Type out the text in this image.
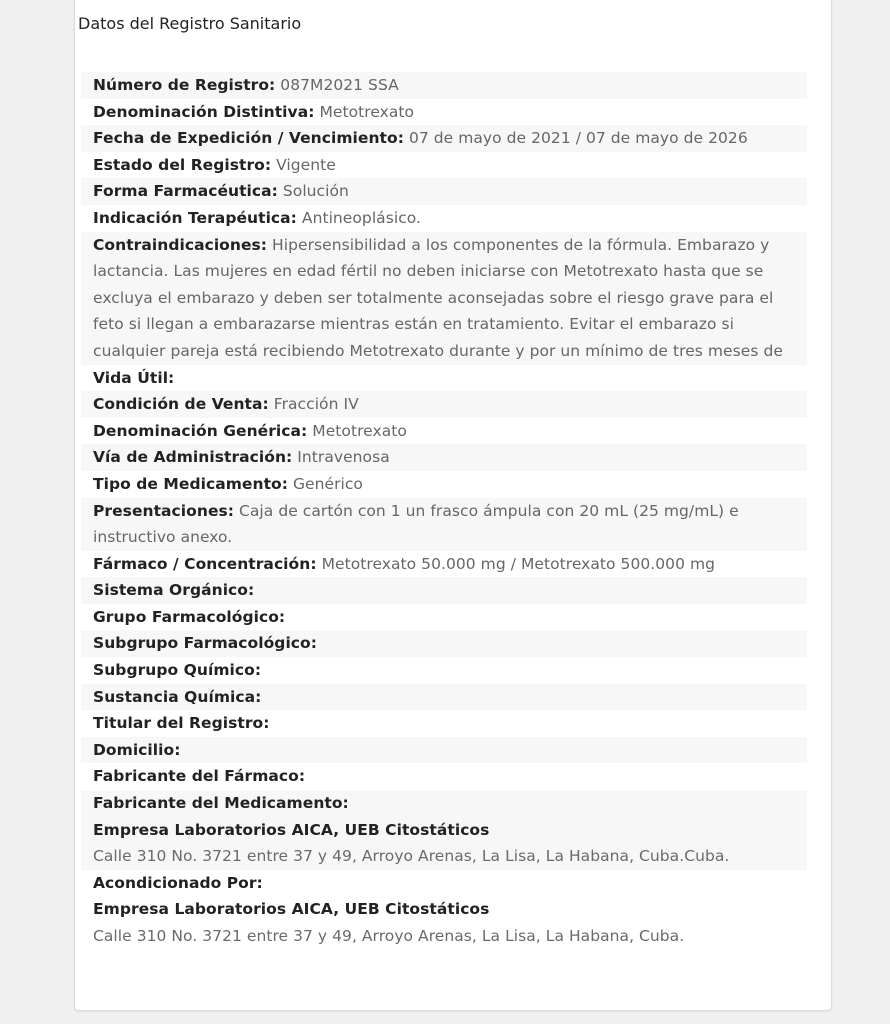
Datos del Registro Sanitario
Número de Registro: 087M2021 SSA
Denominación Distintiva: Metotrexato
Fecha de Expedición / Vencimiento: 07 de mayo de 2021 / 07 de mayo de 2026
Estado del Registro: Vigente
Forma Farmacéutica: Solución
Indicación Terapéutica: Antineoplásico.
Contraindicaciones: Hipersensibilidad a los componentes de la fórmula. Embarazo y lactancia. Las mujeres en edad fértil no deben iniciarse con Metotrexato hasta que se excluya el embarazo y deben ser totalmente aconsejadas sobre el riesgo grave para el feto si llegan a embarazarse mientras están en tratamiento. Evitar el embarazo si cualquier pareja está recibiendo Metotrexato durante y por un mínimo de tres meses de
Vida Útil:
Condición de Venta: Fracción IV
Denominación Genérica: Metotrexato
Vía de Administración: Intravenosa
Tipo de Medicamento: Genérico
Presentaciones: Caja de cartón con 1 un frasco ámpula con 20 mL (25 mg/mL) e instructivo anexo.
Fármaco / Concentración: Metotrexato 50.000 mg / Metotrexato 500.000 mg
Sistema Orgánico:
Grupo Farmacológico:
Subgrupo Farmacológico:
Subgrupo Químico:
Sustancia Química:
Titular del Registro:
Domicilio:
Fabricante del Fármaco:
Fabricante del Medicamento:
Empresa Laboratorios AICA, UEB Citostáticos
Calle 310 No. 3721 entre 37 y 49, Arroyo Arenas, La Lisa, La Habana, Cuba.Cuba.
Acondicionado Por:
Empresa Laboratorios AICA, UEB Citostáticos
Calle 310 No. 3721 entre 37 y 49, Arroyo Arenas, La Lisa, La Habana, Cuba.
